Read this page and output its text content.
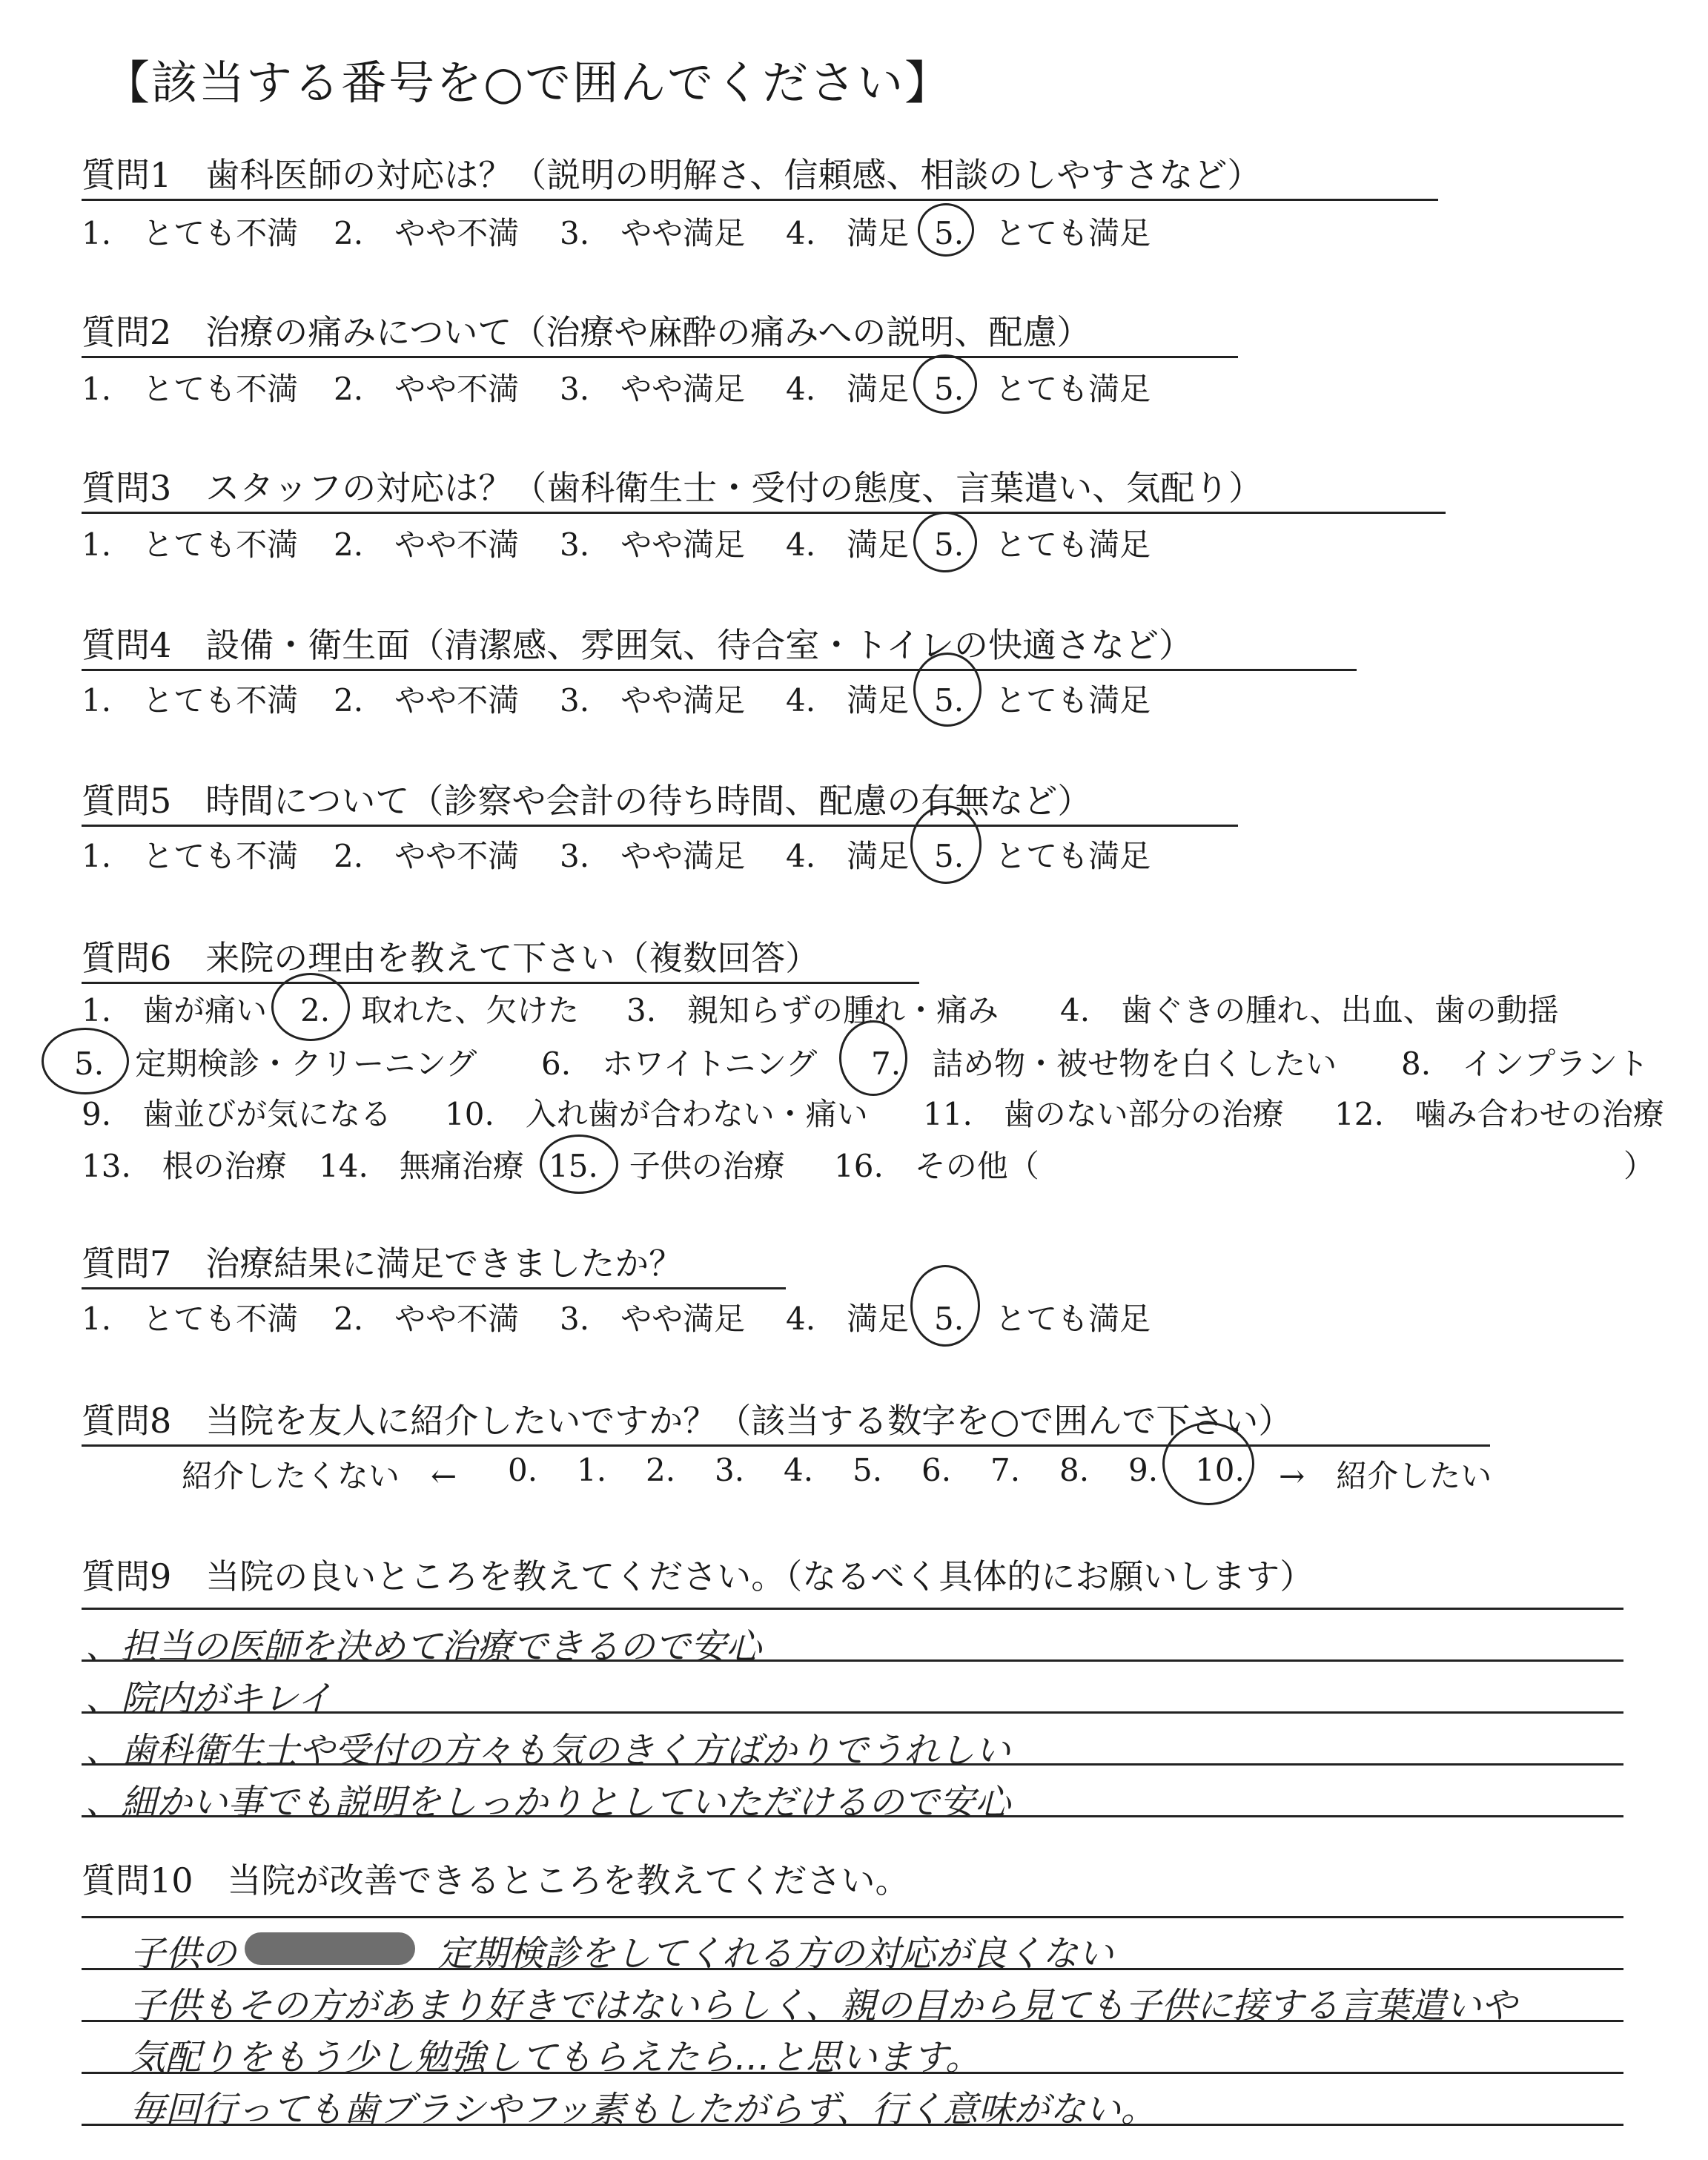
【該当する番号を○で囲んでください】
質問1　歯科医師の対応は？（説明の明解さ、信頼感、相談のしやすさなど）
1.　とても不満 2.　やや不満 3.　やや満足 4.　満足 5.　とても満足
質問2　治療の痛みについて（治療や麻酔の痛みへの説明、配慮）
1.　とても不満 2.　やや不満 3.　やや満足 4.　満足 5.　とても満足
質問3　スタッフの対応は？（歯科衛生士・受付の態度、言葉遣い、気配り）
1.　とても不満 2.　やや不満 3.　やや満足 4.　満足 5.　とても満足
質問4　設備・衛生面（清潔感、雰囲気、待合室・トイレの快適さなど）
1.　とても不満 2.　やや不満 3.　やや満足 4.　満足 5.　とても満足
質問5　時間について（診察や会計の待ち時間、配慮の有無など）
1.　とても不満 2.　やや不満 3.　やや満足 4.　満足 5.　とても満足
質問6　来院の理由を教えて下さい（複数回答）
1.　歯が痛い 2.　取れた、欠けた 3.　親知らずの腫れ・痛み 4.　歯ぐきの腫れ、出血、歯の動揺
5.　定期検診・クリーニング 6.　ホワイトニング 7.　詰め物・被せ物を白くしたい 8.　インプラント
9.　歯並びが気になる 10.　入れ歯が合わない・痛い 11.　歯のない部分の治療 12.　噛み合わせの治療
13.　根の治療 14.　無痛治療 15.　子供の治療 16.　その他（	）
質問7　治療結果に満足できましたか？
1.　とても不満 2.　やや不満 3.　やや満足 4.　満足 5.　とても満足
質問8　当院を友人に紹介したいですか？（該当する数字を○で囲んで下さい）
紹介したくない　← 0. 1. 2. 3. 4. 5. 6. 7. 8. 9. 10. →　紹介したい
質問9　当院の良いところを教えてください。（なるべく具体的にお願いします）
、担当の医師を決めて治療できるので安心
、院内がキレイ
、歯科衛生士や受付の方々も気のきく方ばかりでうれしい
、細かい事でも説明をしっかりとしていただけるので安心
質問10　当院が改善できるところを教えてください。
子供の	定期検診をしてくれる方の対応が良くない
子供もその方があまり好きではないらしく、親の目から見ても子供に接する言葉遣いや
気配りをもう少し勉強してもらえたら…と思います。
毎回行っても歯ブラシやフッ素もしたがらず、行く意味がない。
